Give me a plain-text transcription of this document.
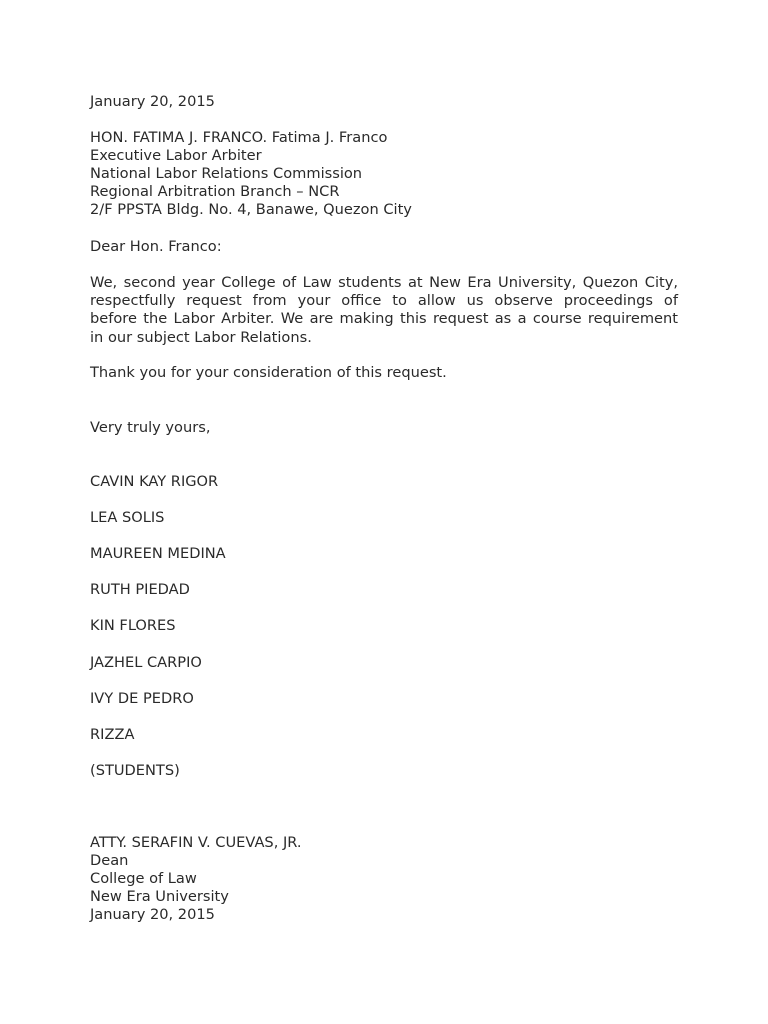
January 20, 2015
HON. FATIMA J. FRANCO. Fatima J. Franco
Executive Labor Arbiter
National Labor Relations Commission
Regional Arbitration Branch – NCR
2/F PPSTA Bldg. No. 4, Banawe, Quezon City
Dear Hon. Franco:
We, second year College of Law students at New Era University, Quezon City,
respectfully request from your office to allow us observe proceedings of
before the Labor Arbiter. We are making this request as a course requirement
in our subject Labor Relations.
Thank you for your consideration of this request.
Very truly yours,
CAVIN KAY RIGOR
LEA SOLIS
MAUREEN MEDINA
RUTH PIEDAD
KIN FLORES
JAZHEL CARPIO
IVY DE PEDRO
RIZZA
(STUDENTS)
ATTY. SERAFIN V. CUEVAS, JR.
Dean
College of Law
New Era University
January 20, 2015
